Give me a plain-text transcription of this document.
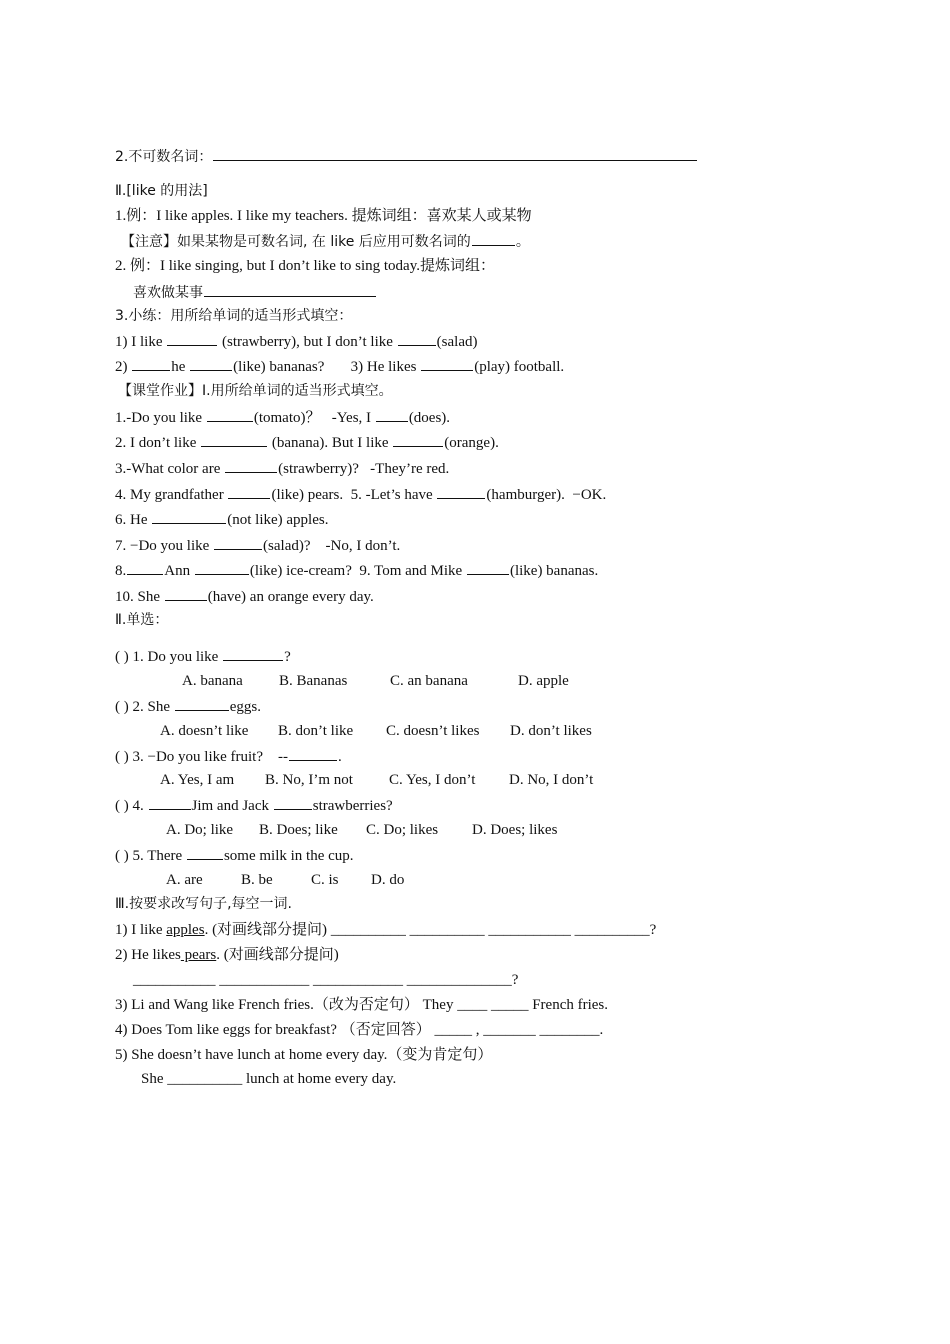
2.不可数名词：
Ⅱ.[like 的用法]
1.例：I like apples. I like my teachers. 提炼词组：喜欢某人或某物
【注意】如果某物是可数名词, 在 like 后应用可数名词的	。
2. 例：I like singing, but I don’t like to sing today.提炼词组：
喜欢做某事
3.小练：用所给单词的适当形式填空：
1) I like	(strawberry), but I don’t like	(salad)
2)	he	(like) bananas? 3) He likes	(play) football.
【课堂作业】Ⅰ.用所给单词的适当形式填空。
1.-Do you like	(tomato)？ -Yes, I	(does).
2. I don’t like	(banana). But I like	(orange).
3.-What color are	(strawberry)? -They’re red.
4. My grandfather	(like) pears. 5. -Let’s have	(hamburger). −OK.
6. He	(not like) apples.
7. −Do you like	(salad)? -No, I don’t.
8.	Ann	(like) ice-cream? 9. Tom and Mike	(like) bananas.
10. She	(have) an orange every day.
Ⅱ.单选：
( ) 1. Do you like	?
A. banana B. Bananas	C. an banana	D. apple
( ) 2. She	eggs.
A. doesn’t like B. don’t like C. doesn’t likes D. don’t likes
( ) 3. −Do you like fruit? --	.
A. Yes, I am B. No, I’m not C. Yes, I don’t D. No, I don’t
( ) 4.	Jim and Jack	strawberries?
A. Do; like B. Does; like C. Do; likes D. Does; likes
( ) 5. There	some milk in the cup.
A. are	B. be	C. is D. do
Ⅲ.按要求改写句子,每空一词.
1) I like apples. (对画线部分提问) __________ __________ ___________ __________?
2) He likes pears. (对画线部分提问)
___________ ____________ ____________ ______________?
3) Li and Wang like French fries.（改为否定句） They ____ _____ French fries.
4) Does Tom like eggs for breakfast? （否定回答） _____ , _______ ________.
5) She doesn’t have lunch at home every day.（变为肯定句）
She __________ lunch at home every day.
